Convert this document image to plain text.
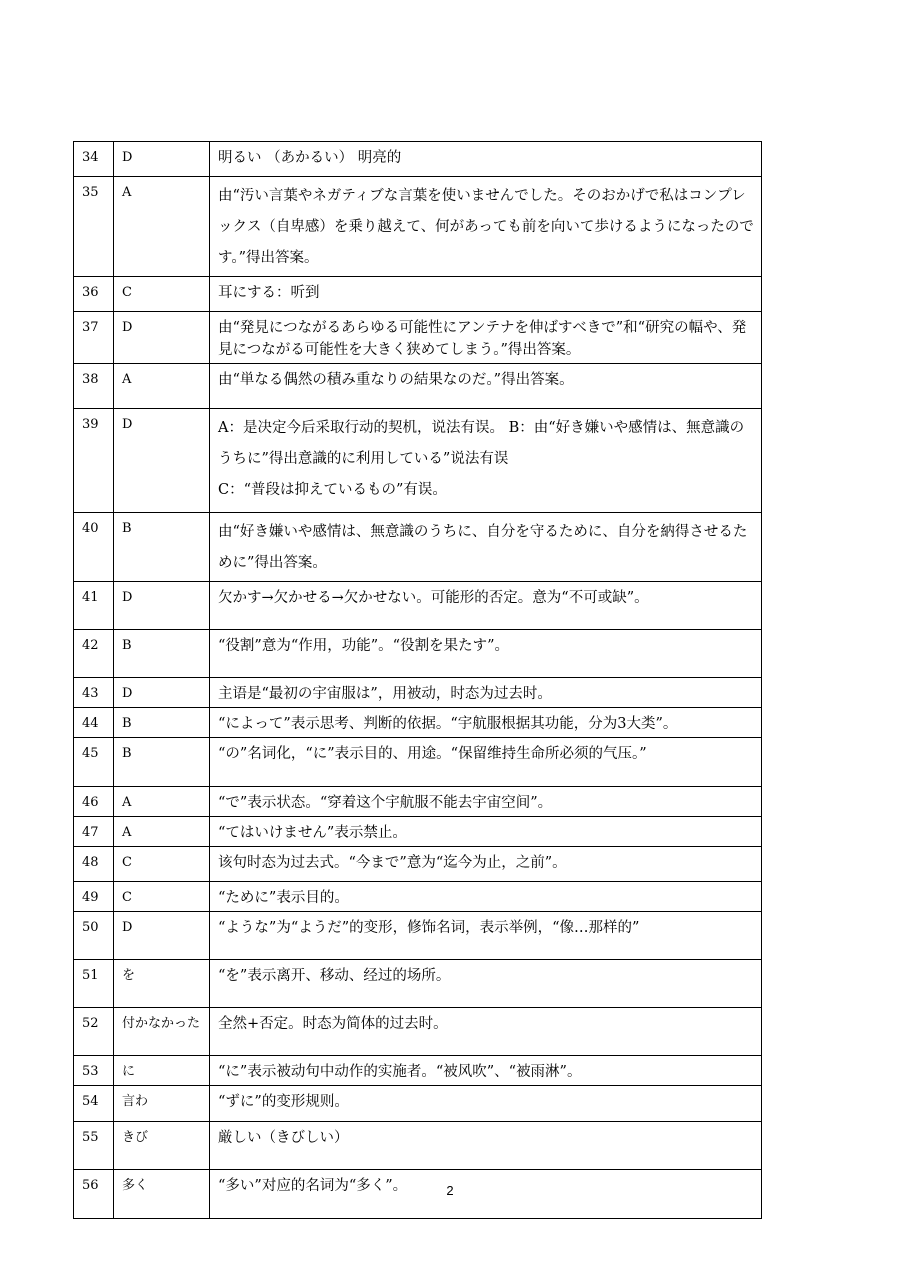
34	D	明るい （あかるい） 明亮的
35	A	由“汚い言葉やネガティブな言葉を使いませんでした。そのおかげで私はコンプレックス（自卑感）を乗り越えて、何があっても前を向いて歩けるようになったのです。”得出答案。
36	C	耳にする：听到
37	D	由“発見につながるあらゆる可能性にアンテナを伸ばすべきで”和“研究の幅や、発見につながる可能性を大きく狭めてしまう。”得出答案。
38	A	由“単なる偶然の積み重なりの結果なのだ。”得出答案。
39	D	A：是决定今后采取行动的契机，说法有误。 B：由“好き嫌いや感情は、無意識のうちに”得出意識的に利用している”说法有误
C：“普段は抑えているもの”有误。

40	B	由“好き嫌いや感情は、無意識のうちに、自分を守るために、自分を納得させるために”得出答案。
41	D	欠かす→欠かせる→欠かせない。可能形的否定。意为“不可或缺”。
42	B	“役割”意为“作用，功能”。“役割を果たす”。
43	D	主语是“最初の宇宙服は”，用被动，时态为过去时。
44	B	“によって”表示思考、判断的依据。“宇航服根据其功能，分为3大类”。
45	B	“の”名词化，“に”表示目的、用途。“保留维持生命所必须的气压。”
46	A	“で”表示状态。“穿着这个宇航服不能去宇宙空间”。
47	A	“てはいけません”表示禁止。
48	C	该句时态为过去式。“今まで”意为“迄今为止，之前”。
49	C	“ために”表示目的。
50	D	“ような”为“ようだ”的变形，修饰名词，表示举例，“像…那样的”
51	を	“を”表示离开、移动、经过的场所。
52	付かなかった	全然+否定。时态为简体的过去时。
53	に	“に”表示被动句中动作的实施者。“被风吹”、“被雨淋”。
54	言わ	“ずに”的变形规则。
55	きび	厳しい（きびしい）
56	多く	“多い”对应的名词为“多く”。	2
